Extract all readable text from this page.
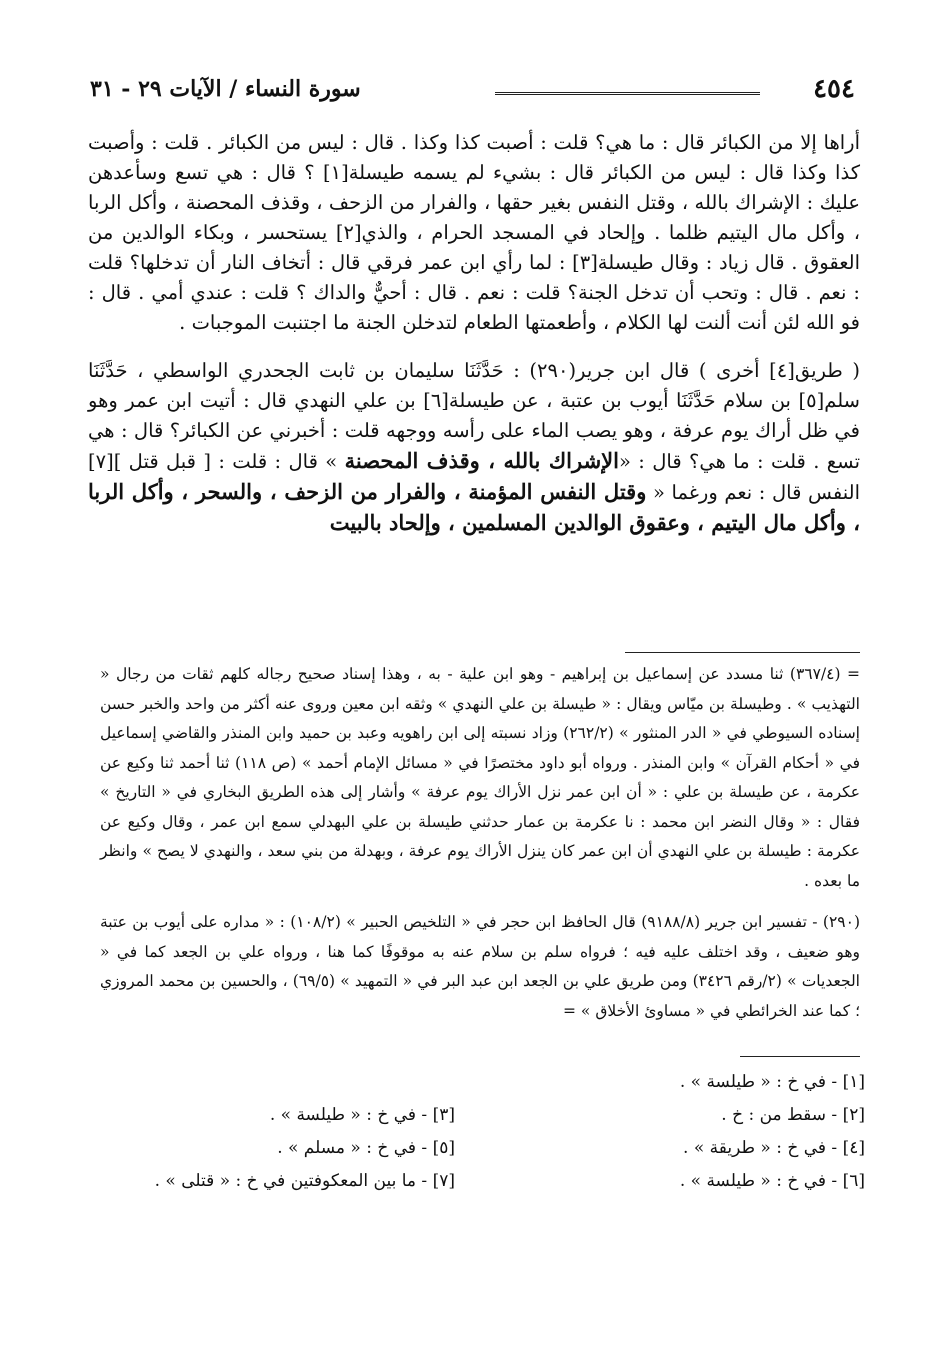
٤٥٤
سورة النساء / الآيات ٢٩ - ٣١

أراها إلا من الكبائر قال : ما هي؟ قلت : أصبت كذا وكذا . قال : ليس من الكبائر . قلت : وأصبت كذا وكذا قال : ليس من الكبائر قال : بشيء لم يسمه طيسلة[١] ؟ قال : هي تسع وسأعدهن عليك : الإشراك بالله ، وقتل النفس بغير حقها ، والفرار من الزحف ، وقذف المحصنة ، وأكل الربا ، وأكل مال اليتيم ظلما . وإلحاد في المسجد الحرام ، والذي[٢] يستحسر ، وبكاء الوالدين من العقوق . قال زياد : وقال طيسلة[٣] : لما رأي ابن عمر فرقي قال : أتخاف النار أن تدخلها؟ قلت : نعم . قال : وتحب أن تدخل الجنة؟ قلت : نعم . قال : أحيٌّ والداك ؟ قلت : عندي أمي . قال : فو الله لئن أنت ألنت لها الكلام ، وأطعمتها الطعام لتدخلن الجنة ما اجتنبت الموجبات .

( طريق[٤] أخرى ) قال ابن جرير(٢٩٠) : حَدَّثَنَا سليمان بن ثابت الجحدري الواسطي ، حَدَّثَنَا سلم[٥] بن سلام حَدَّثَنَا أيوب بن عتبة ، عن طيسلة[٦] بن علي النهدي قال : أتيت ابن عمر وهو في ظل أراك يوم عرفة ، وهو يصب الماء على رأسه ووجهه قلت : أخبرني عن الكبائر؟ قال : هي تسع . قلت : ما هي؟ قال : «الإشراك بالله ، وقذف المحصنة » قال : قلت : [ قبل قتل ][٧] النفس قال : نعم ورغما « وقتل النفس المؤمنة ، والفرار من الزحف ، والسحر ، وأكل الربا ، وأكل مال اليتيم ، وعقوق الوالدين المسلمين ، وإلحاد بالبيت

= (٣٦٧/٤) ثنا مسدد عن إسماعيل بن إبراهيم - وهو ابن علية - به ، وهذا إسناد صحيح رجاله كلهم ثقات من رجال « التهذيب » . وطيسلة بن ميّاس ويقال : « طيسلة بن علي النهدي » وثقه ابن معين وروى عنه أكثر من واحد والخبر حسن إسناده السيوطي في « الدر المنثور » (٢٦٢/٢) وزاد نسبته إلى ابن راهويه وعبد بن حميد وابن المنذر والقاضي إسماعيل في « أحكام القرآن » وابن المنذر . ورواه أبو داود مختصرًا في « مسائل الإمام أحمد » (ص ١١٨) ثنا أحمد ثنا وكيع عن عكرمة ، عن طيسلة بن علي : « أن ابن عمر نزل الأراك يوم عرفة » وأشار إلى هذه الطريق البخاري في « التاريخ » فقال : « وقال النضر ابن محمد : نا عكرمة بن عمار حدثني طيسلة بن علي البهدلي سمع ابن عمر ، وقال وكيع عن عكرمة : طيسلة بن علي النهدي أن ابن عمر كان ينزل الأراك يوم عرفة ، وبهدلة من بني سعد ، والنهدي لا يصح » وانظر ما بعده .

(٢٩٠) - تفسير ابن جرير (٩١٨٨/٨) قال الحافظ ابن حجر في « التلخيص الحبير » (١٠٨/٢) : « مداره على أيوب بن عتبة وهو ضعيف ، وقد اختلف عليه فيه ؛ فرواه سلم بن سلام عنه به موقوفًا كما هنا ، ورواه علي بن الجعد كما في « الجعديات » (٢/رقم ٣٤٢٦) ومن طريق علي بن الجعد ابن عبد البر في « التمهيد » (٦٩/٥) ، والحسين بن محمد المروزي ؛ كما عند الخرائطي في « مساوئ الأخلاق » =

[١] - في خ : « طيلسة » .
[٢] - سقط من : خ .
[٣] - في خ : « طيلسة » .
[٤] - في خ : « طريقة » .
[٥] - في خ : « مسلم » .
[٦] - في خ : « طيلسة » .
[٧] - ما بين المعكوفتين في خ : « قتلى » .
